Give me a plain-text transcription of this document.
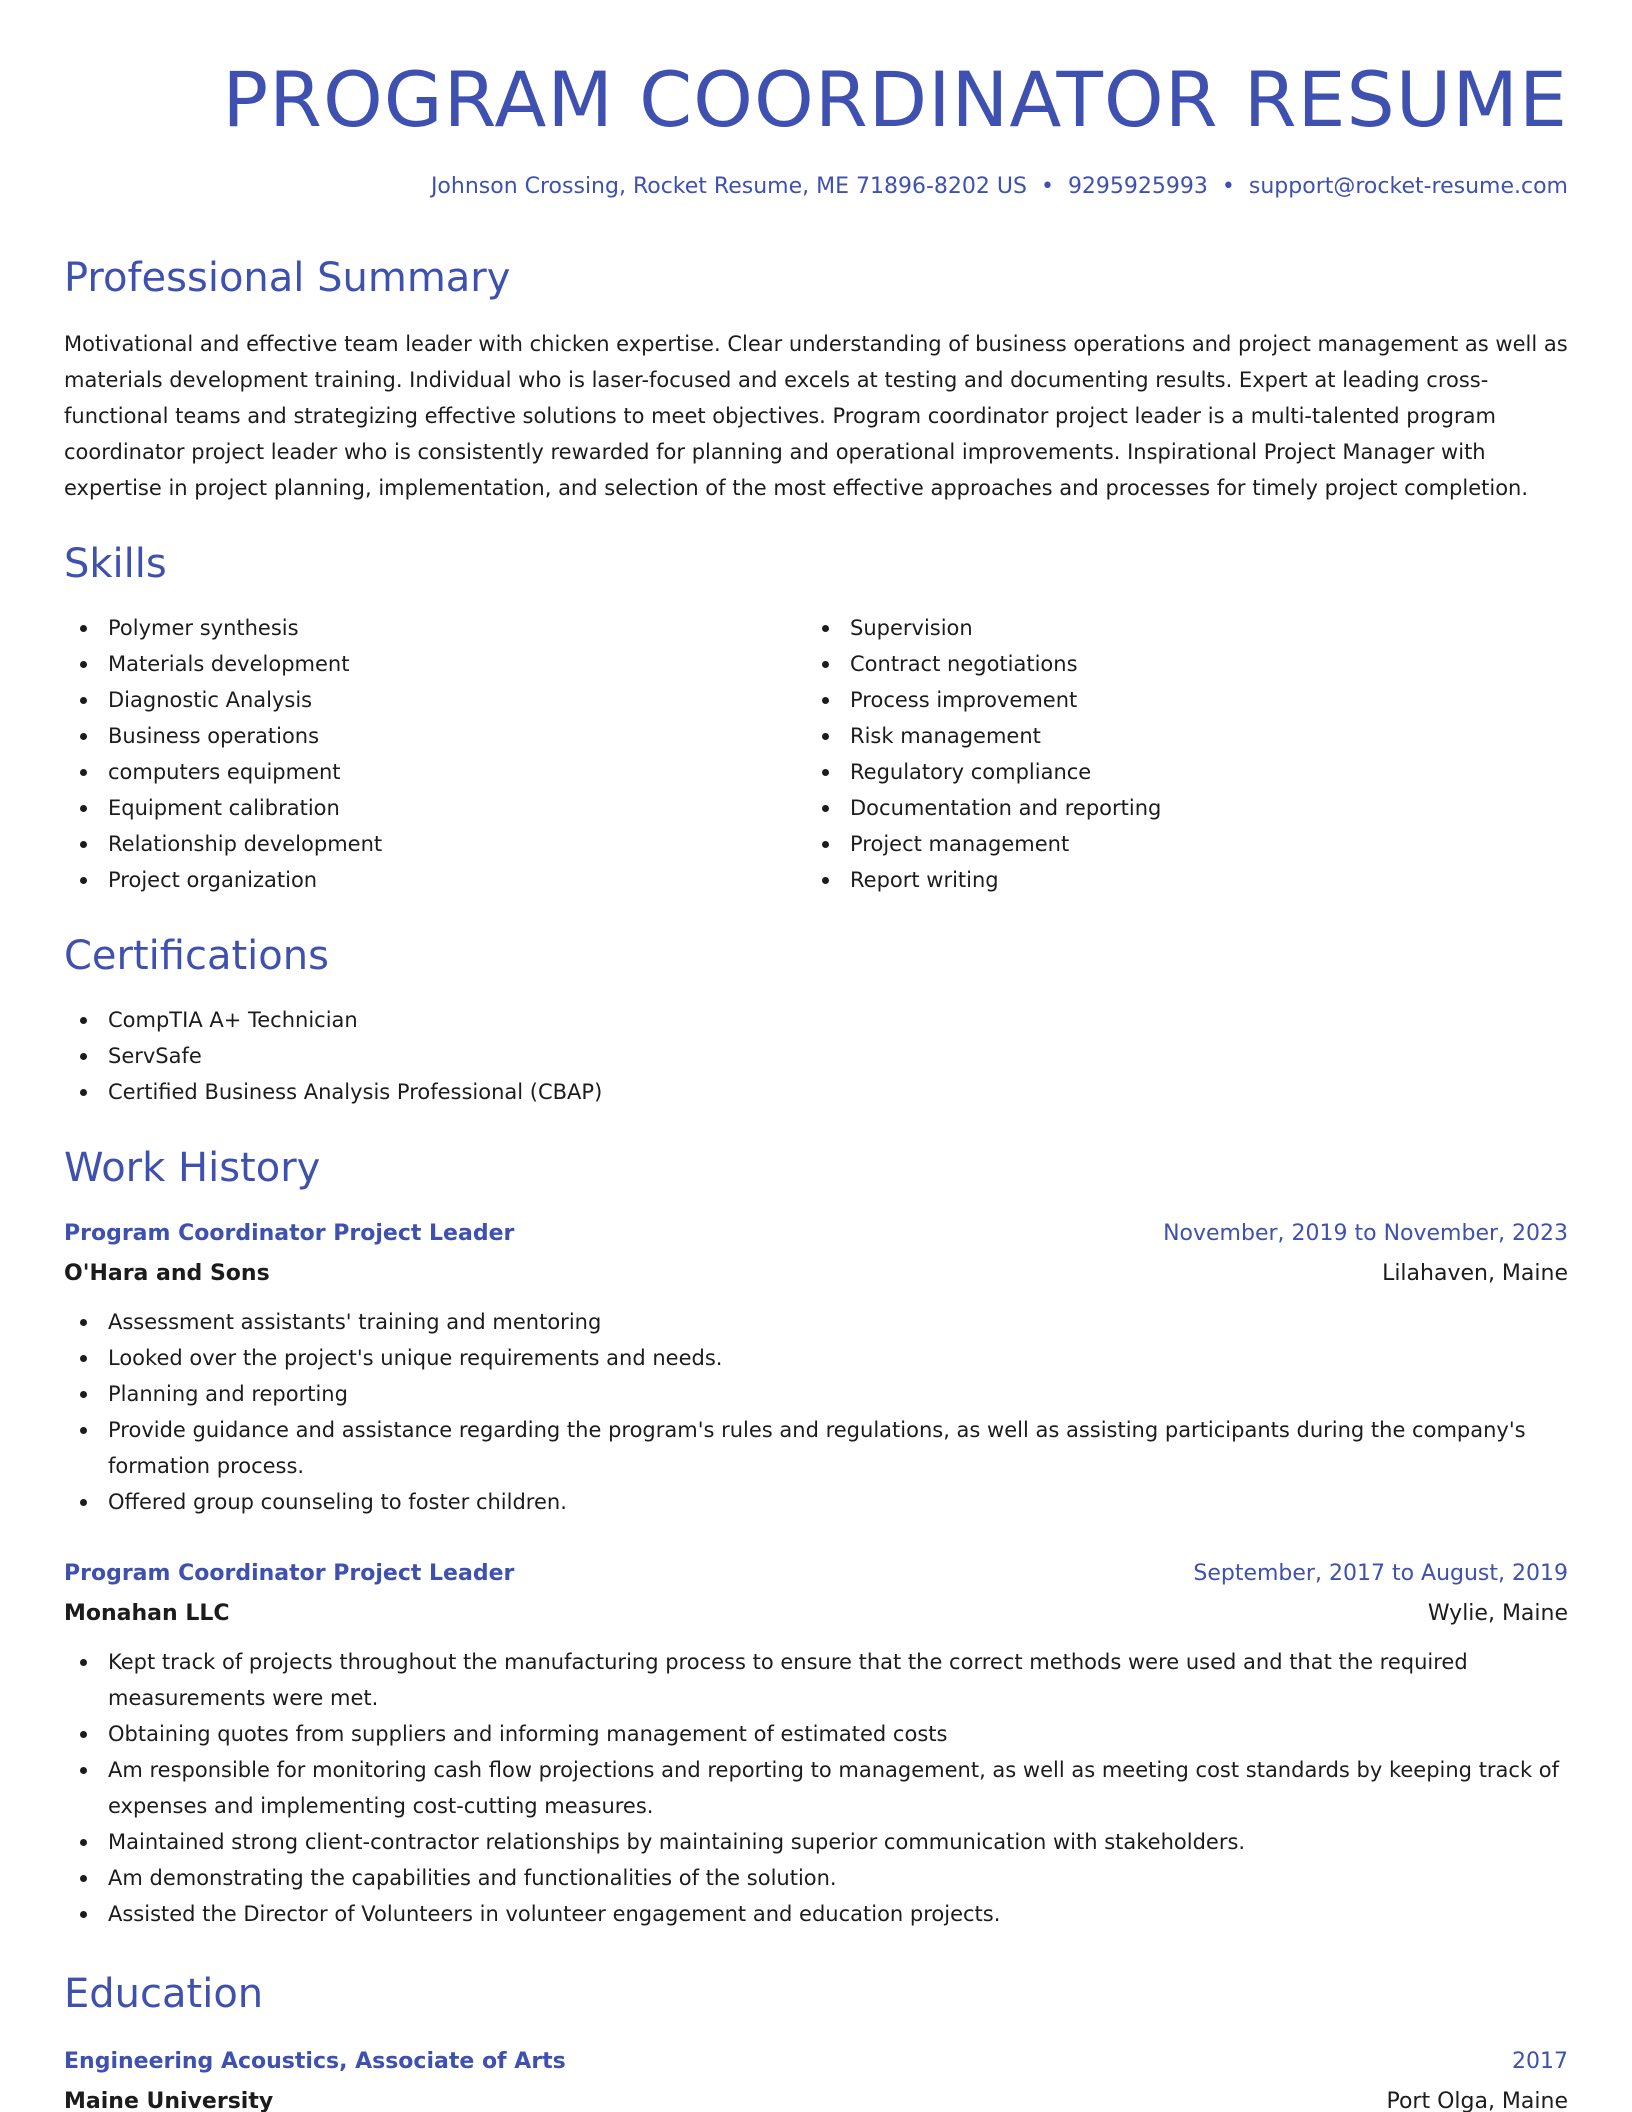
PROGRAM COORDINATOR RESUME
Johnson Crossing, Rocket Resume, ME 71896-8202 US • 9295925993 • support@rocket-resume.com
Professional Summary

Motivational and effective team leader with chicken expertise. Clear understanding of business operations and project management as well as materials development training. Individual who is laser-focused and excels at testing and documenting results. Expert at leading cross-functional teams and strategizing effective solutions to meet objectives. Program coordinator project leader is a multi-talented program coordinator project leader who is consistently rewarded for planning and operational improvements. Inspirational Project Manager with expertise in project planning, implementation, and selection of the most effective approaches and processes for timely project completion.

Skills
Polymer synthesis
Materials development
Diagnostic Analysis
Business operations
computers equipment
Equipment calibration
Relationship development
Project organization
Supervision
Contract negotiations
Process improvement
Risk management
Regulatory compliance
Documentation and reporting
Project management
Report writing
Certifications
CompTIA A+ Technician
ServSafe
Certified Business Analysis Professional (CBAP)
Work History
Program Coordinator Project Leader	November, 2019 to November, 2023
O'Hara and Sons	Lilahaven, Maine
Assessment assistants' training and mentoring
Looked over the project's unique requirements and needs.
Planning and reporting
Provide guidance and assistance regarding the program's rules and regulations, as well as assisting participants during the company's formation process.
Offered group counseling to foster children.
Program Coordinator Project Leader	September, 2017 to August, 2019
Monahan LLC	Wylie, Maine
Kept track of projects throughout the manufacturing process to ensure that the correct methods were used and that the required measurements were met.
Obtaining quotes from suppliers and informing management of estimated costs
Am responsible for monitoring cash flow projections and reporting to management, as well as meeting cost standards by keeping track of expenses and implementing cost-cutting measures.
Maintained strong client-contractor relationships by maintaining superior communication with stakeholders.
Am demonstrating the capabilities and functionalities of the solution.
Assisted the Director of Volunteers in volunteer engagement and education projects.
Education
Engineering Acoustics, Associate of Arts	2017
Maine University	Port Olga, Maine
